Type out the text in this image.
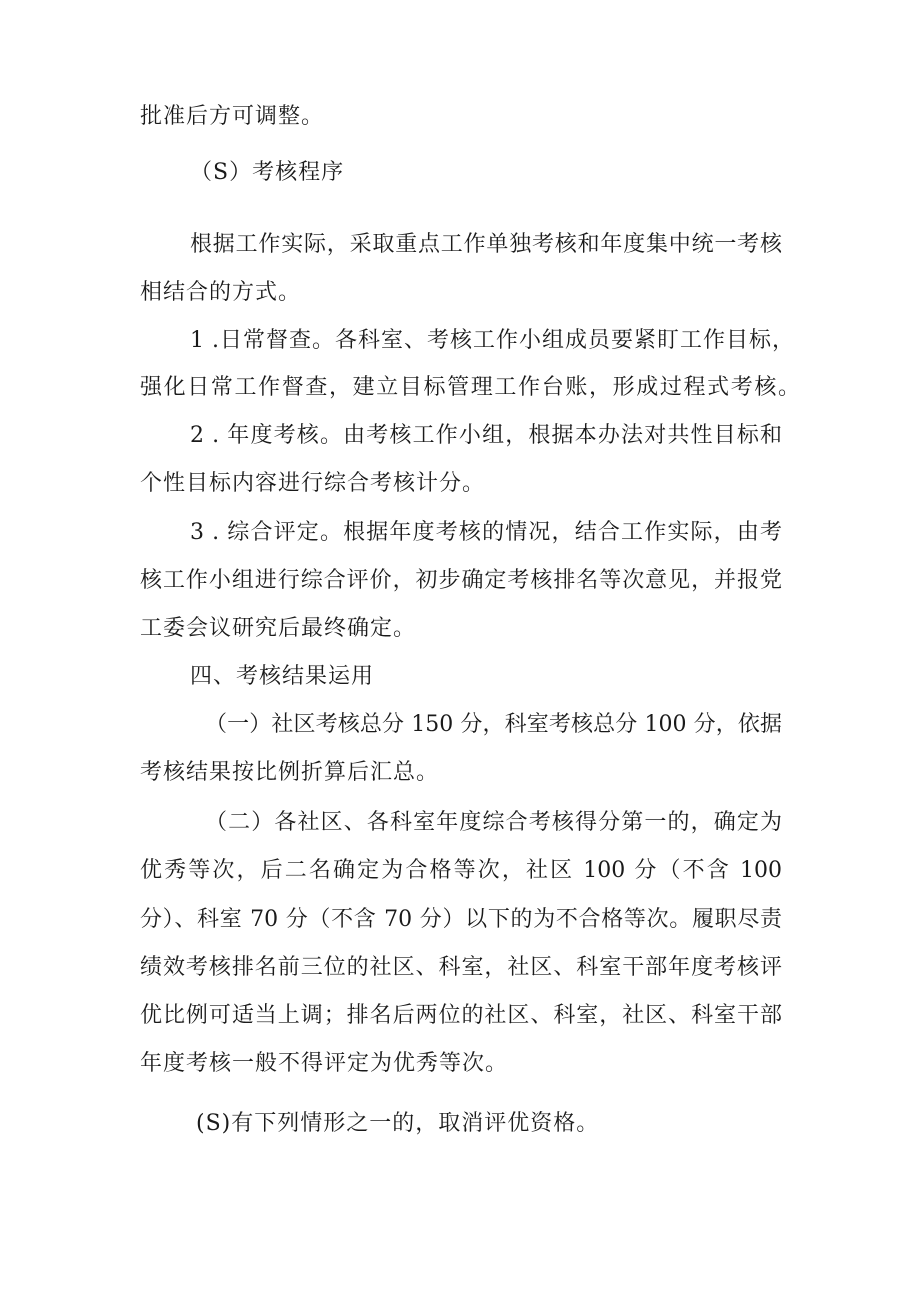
批准后方可调整。
（S）考核程序
根据工作实际，采取重点工作单独考核和年度集中统一考核
相结合的方式。
1 .日常督查。各科室、考核工作小组成员要紧盯工作目标，
强化日常工作督查，建立目标管理工作台账，形成过程式考核。
2 . 年度考核。由考核工作小组，根据本办法对共性目标和
个性目标内容进行综合考核计分。
3 . 综合评定。根据年度考核的情况，结合工作实际，由考
核工作小组进行综合评价，初步确定考核排名等次意见，并报党
工委会议研究后最终确定。
四、考核结果运用
（一）社区考核总分 150 分，科室考核总分 100 分，依据
考核结果按比例折算后汇总。
（二）各社区、各科室年度综合考核得分第一的，确定为
优秀等次，后二名确定为合格等次，社区 100 分（不含 100
分）、科室 70 分（不含 70 分）以下的为不合格等次。履职尽责
绩效考核排名前三位的社区、科室，社区、科室干部年度考核评
优比例可适当上调；排名后两位的社区、科室，社区、科室干部
年度考核一般不得评定为优秀等次。
(S)有下列情形之一的，取消评优资格。
